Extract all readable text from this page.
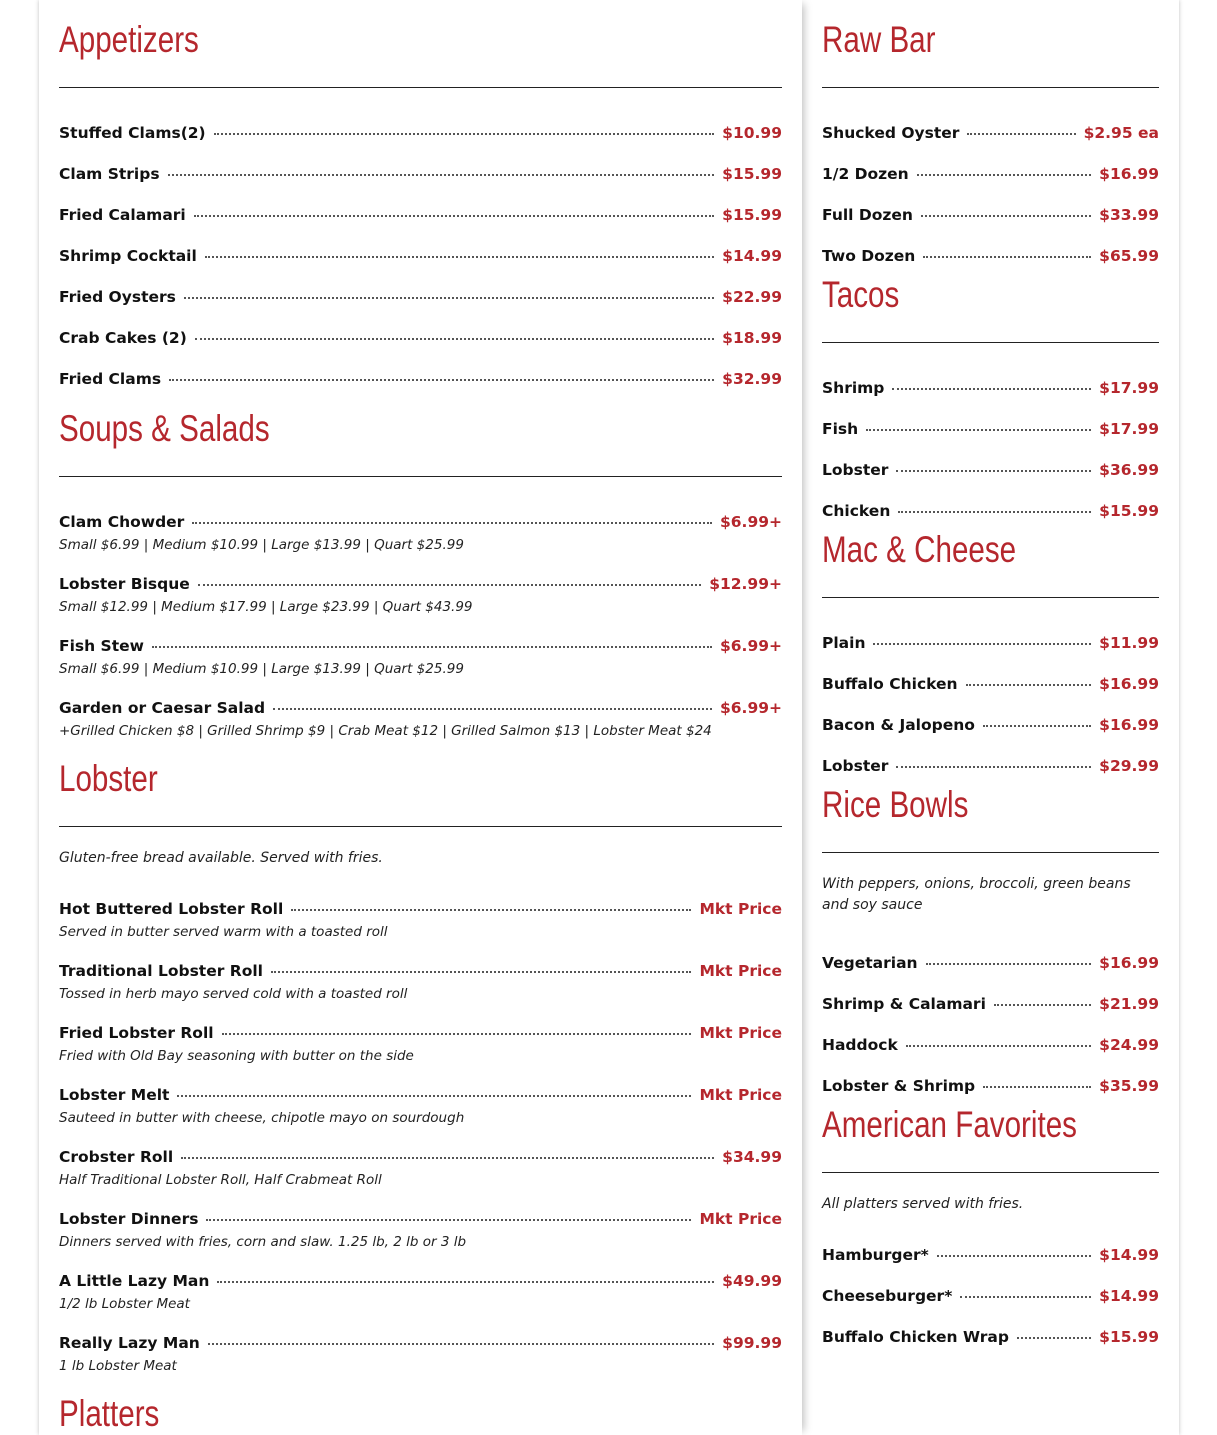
Appetizers
Stuffed Clams(2)	$10.99
Clam Strips	$15.99
Fried Calamari	$15.99
Shrimp Cocktail	$14.99
Fried Oysters	$22.99
Crab Cakes (2)	$18.99
Fried Clams	$32.99
Soups & Salads
Clam Chowder	$6.99+
Small $6.99 | Medium $10.99 | Large $13.99 | Quart $25.99
Lobster Bisque	$12.99+
Small $12.99 | Medium $17.99 | Large $23.99 | Quart $43.99
Fish Stew	$6.99+
Small $6.99 | Medium $10.99 | Large $13.99 | Quart $25.99
Garden or Caesar Salad	$6.99+
+Grilled Chicken $8 | Grilled Shrimp $9 | Crab Meat $12 | Grilled Salmon $13 | Lobster Meat $24
Lobster
Gluten-free bread available. Served with fries.
Hot Buttered Lobster Roll	Mkt Price
Served in butter served warm with a toasted roll
Traditional Lobster Roll	Mkt Price
Tossed in herb mayo served cold with a toasted roll
Fried Lobster Roll	Mkt Price
Fried with Old Bay seasoning with butter on the side
Lobster Melt	Mkt Price
Sauteed in butter with cheese, chipotle mayo on sourdough
Crobster Roll	$34.99
Half Traditional Lobster Roll, Half Crabmeat Roll
Lobster Dinners	Mkt Price
Dinners served with fries, corn and slaw. 1.25 lb, 2 lb or 3 lb
A Little Lazy Man	$49.99
1/2 lb Lobster Meat
Really Lazy Man	$99.99
1 lb Lobster Meat
Platters
Raw Bar
Shucked Oyster	$2.95 ea
1/2 Dozen	$16.99
Full Dozen	$33.99
Two Dozen	$65.99
Tacos
Shrimp	$17.99
Fish	$17.99
Lobster	$36.99
Chicken	$15.99
Mac & Cheese
Plain	$11.99
Buffalo Chicken	$16.99
Bacon & Jalopeno	$16.99
Lobster	$29.99
Rice Bowls
With peppers, onions, broccoli, green beans and soy sauce
Vegetarian	$16.99
Shrimp & Calamari	$21.99
Haddock	$24.99
Lobster & Shrimp	$35.99
American Favorites
All platters served with fries.
Hamburger*	$14.99
Cheeseburger*	$14.99
Buffalo Chicken Wrap	$15.99
